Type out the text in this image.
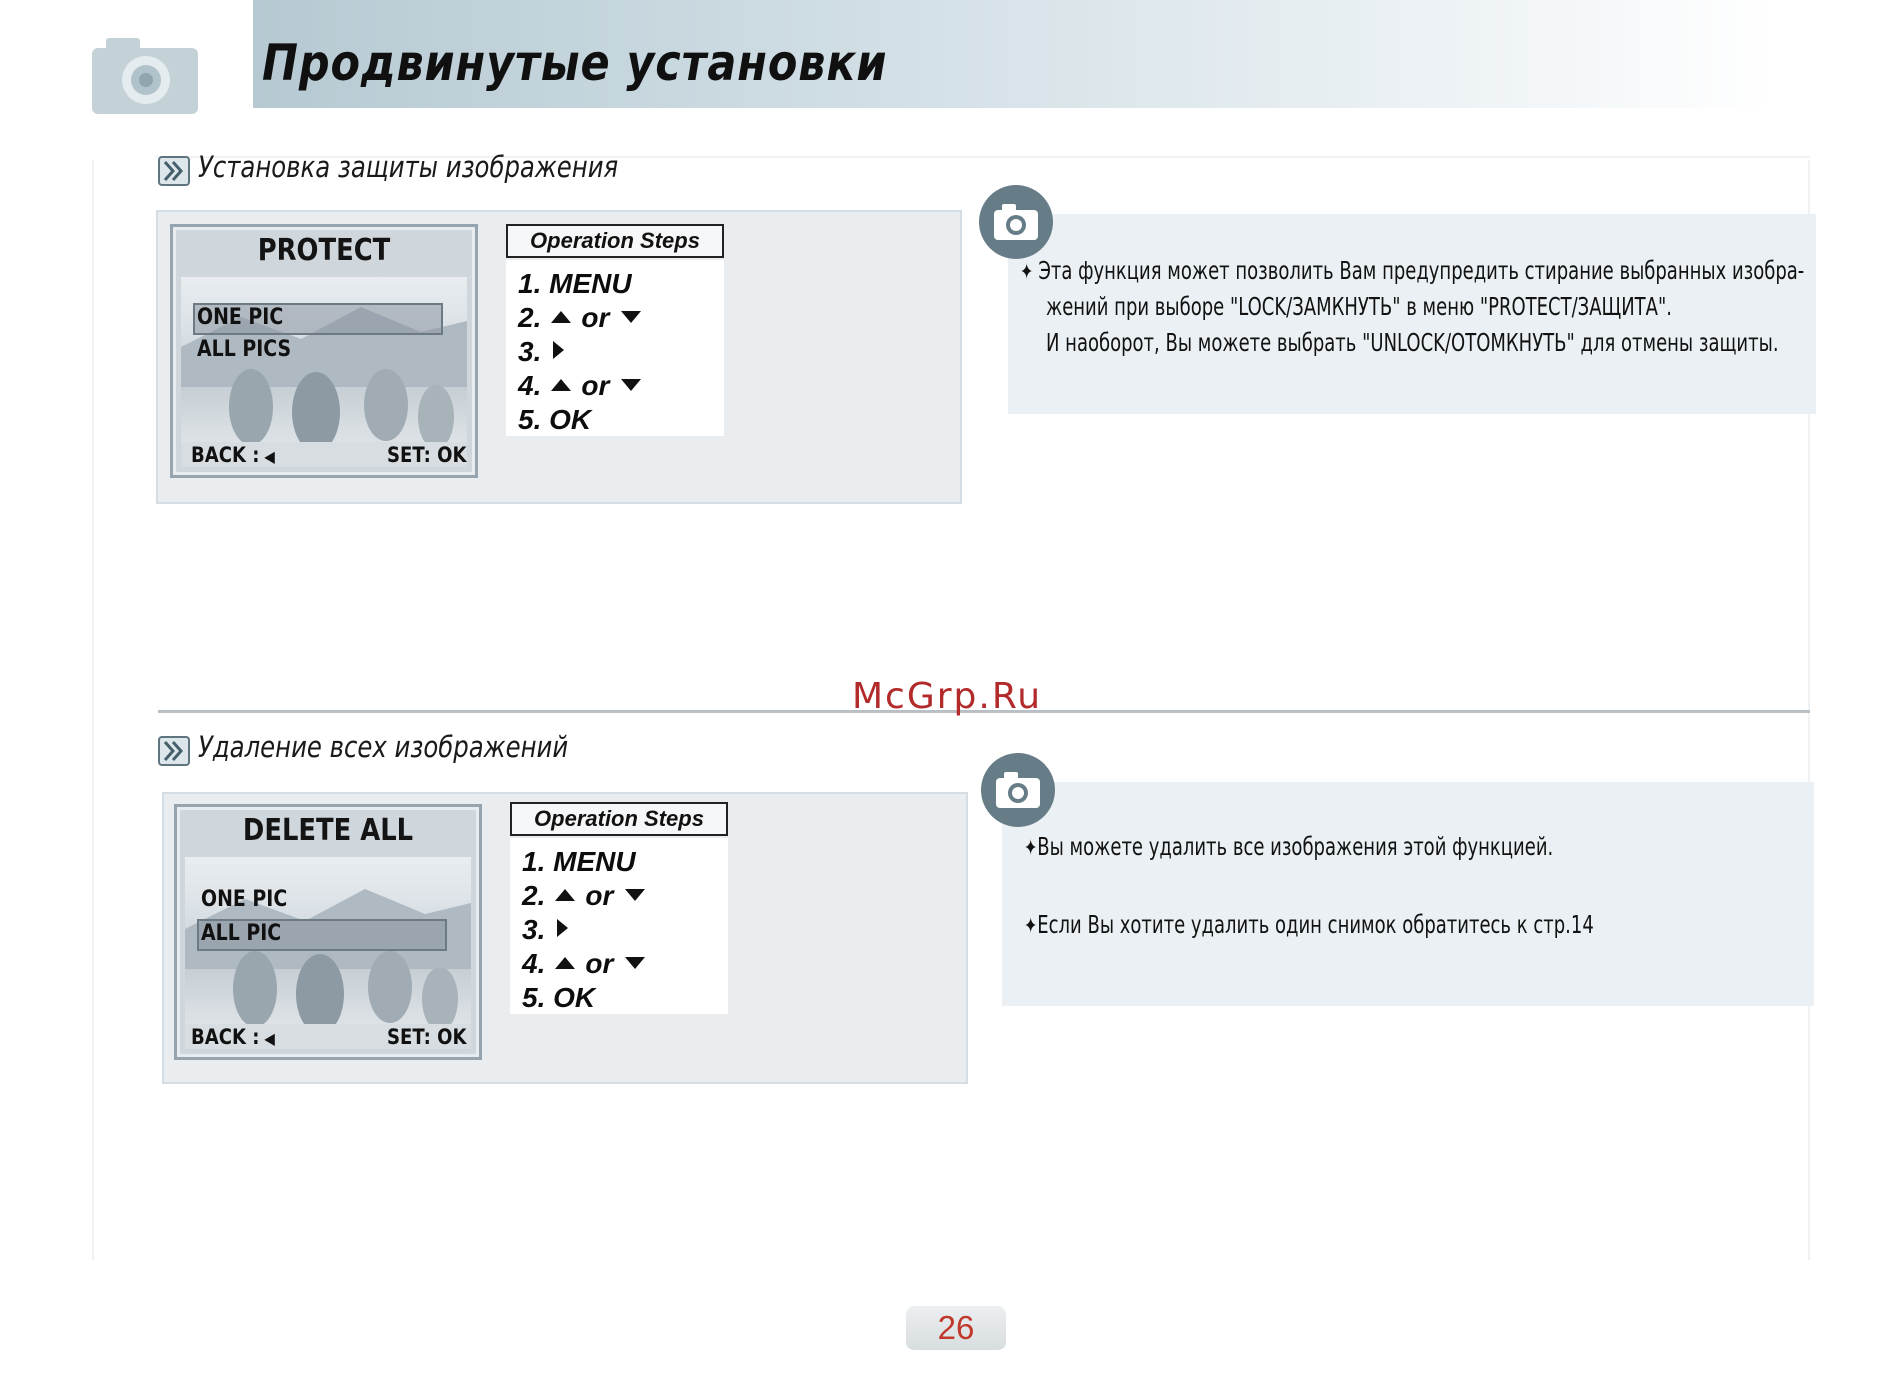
Продвинутые установки
Установка защиты изображения
PROTECT
ONE PIC
ALL PICS
BACK : ◀	SET: OK
Operation Steps
1. MENU
2. or
3.
4. or
5. OK
✦ Эта функция может позволить Вам предупредить стирание выбранных изобра-
жений при выборе "LOCK/ЗАМКНУТЬ" в меню "PROTECT/ЗАЩИТА".
И наоборот, Вы можете выбрать "UNLOCK/ОТОМКНУТЬ" для отмены защиты.
McGrp.Ru
Удаление всех изображений
DELETE ALL
ONE PIC
ALL PIC
BACK : ◀	SET: OK
Operation Steps
1. MENU
2. or
3.
4. or
5. OK
✦Вы можете удалить все изображения этой функцией.
✦Если Вы хотите удалить один снимок обратитесь к стр.14
26
